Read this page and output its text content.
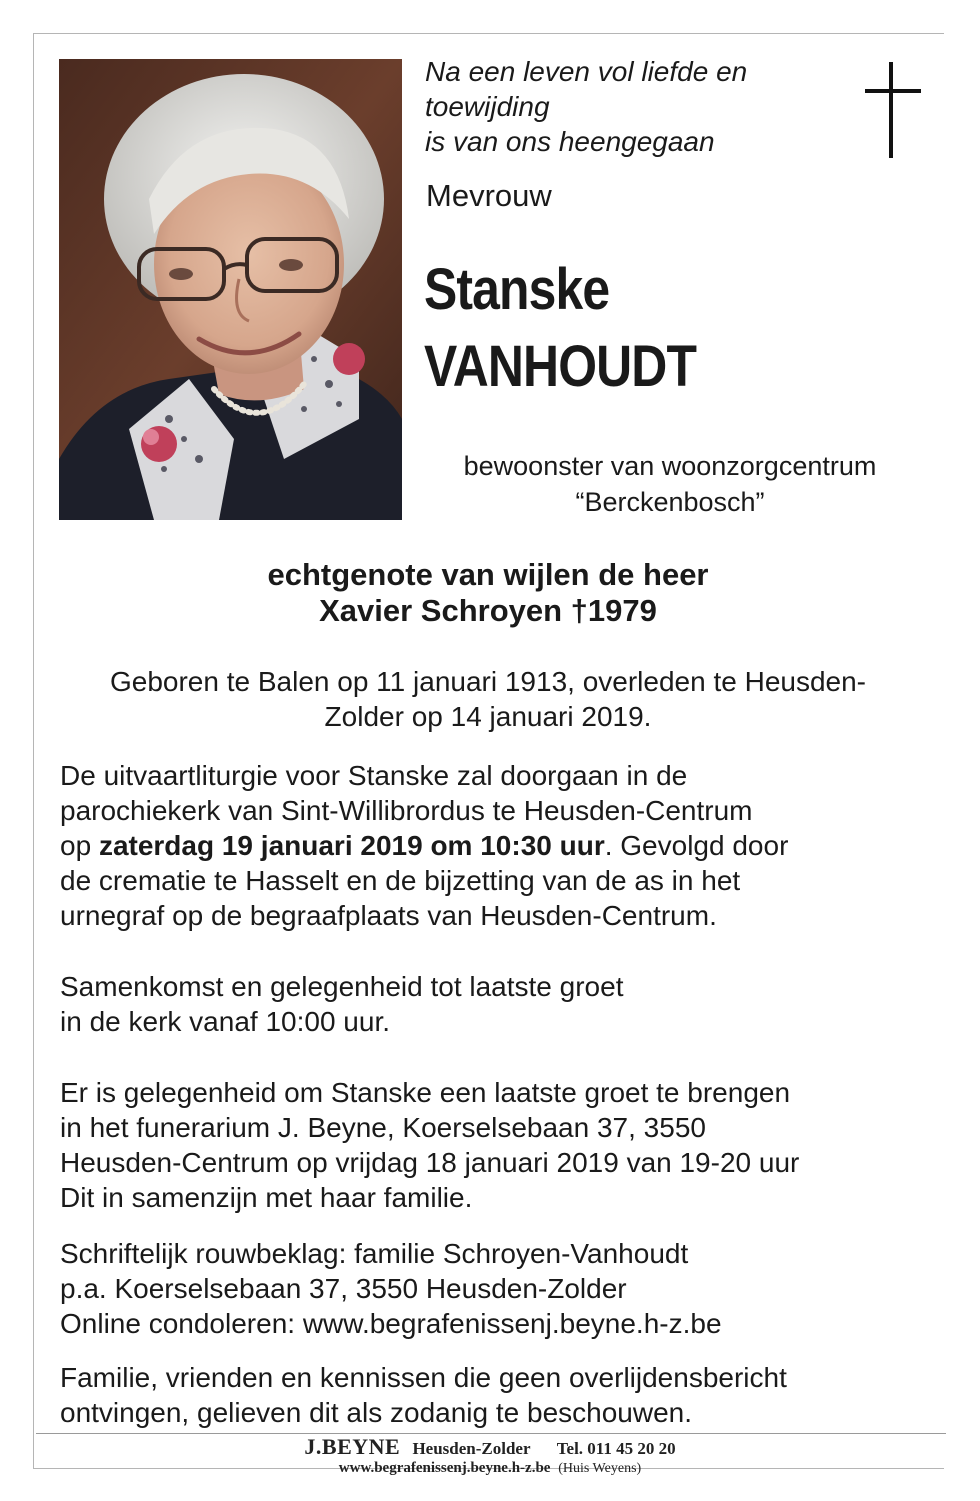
Na een leven vol liefde en
toewijding
is van ons heengegaan
Mevrouw
Stanske
VANHOUDT
bewoonster van woonzorgcentrum
“Berckenbosch”
echtgenote van wijlen de heer
Xavier Schroyen †1979
Geboren te Balen op 11 januari 1913, overleden te Heusden-
Zolder op 14 januari 2019.
De uitvaartliturgie voor Stanske zal doorgaan in de
parochiekerk van Sint-Willibrordus te Heusden-Centrum
op zaterdag 19 januari 2019 om 10:30 uur. Gevolgd door
de crematie te Hasselt en de bijzetting van de as in het
urnegraf op de begraafplaats van Heusden-Centrum.
Samenkomst en gelegenheid tot laatste groet
in de kerk vanaf 10:00 uur.
Er is gelegenheid om Stanske een laatste groet te brengen
in het funerarium J. Beyne, Koerselsebaan 37, 3550
Heusden-Centrum op vrijdag 18 januari 2019 van 19-20 uur
Dit in samenzijn met haar familie.
Schriftelijk rouwbeklag: familie Schroyen-Vanhoudt
p.a. Koerselsebaan 37, 3550 Heusden-Zolder
Online condoleren: www.begrafenissenj.beyne.h-z.be
Familie, vrienden en kennissen die geen overlijdensbericht
ontvingen, gelieven dit als zodanig te beschouwen.
J.BEYNE Heusden-Zolder Tel. 011 45 20 20
www.begrafenissenj.beyne.h-z.be (Huis Weyens)
